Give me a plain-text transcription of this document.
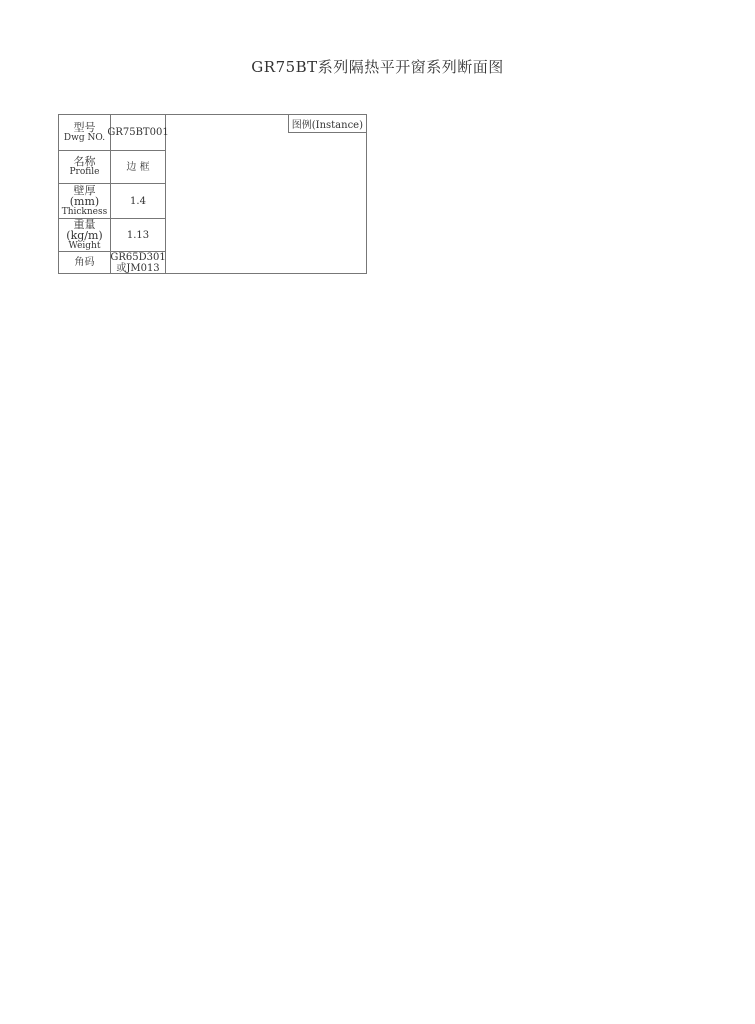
GR75BT系列隔热平开窗系列断面图
型号
Dwg NO. GR75BT001
名称
Profile	边 框
壁厚(mm)
Thickness
1.4
重量(kg/m)
Weight
1.13
角码	GR65D301
或JM013
图例(Instance)
